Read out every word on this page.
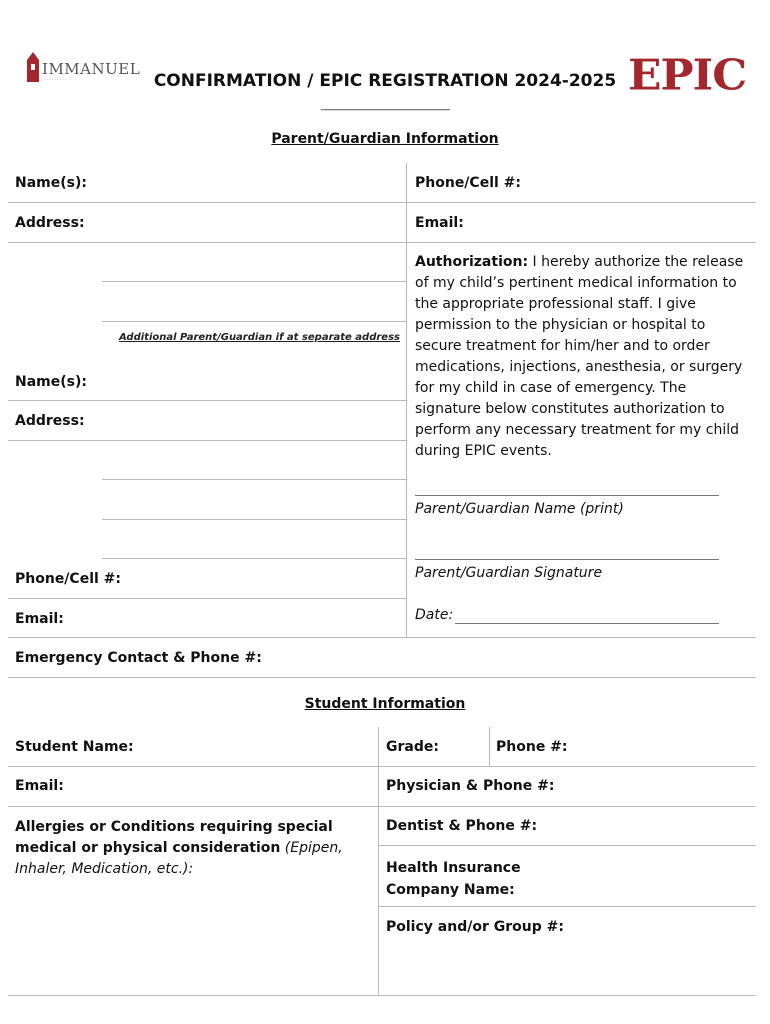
IMMANUEL
·········	CONFIRMATION / EPIC REGISTRATION 2024-2025
________________________________
EPIC
Parent/Guardian Information
Name(s):	Phone/Cell #:
Address:	Email:
Additional Parent/Guardian if at separate address
Name(s):
Address:
Phone/Cell #:
Email:
Emergency Contact & Phone #:
Authorization: I hereby authorize the release of my child’s pertinent medical information to the appropriate professional staff. I give permission to the physician or hospital to secure treatment for him/her and to order medications, injections, anesthesia, or surgery for my child in case of emergency. The signature below constitutes authorization to perform any necessary treatment for my child during EPIC events.
Parent/Guardian Name (print)
Parent/Guardian Signature
Date:
Student Information
Student Name:	Grade:	Phone #:
Email:	Physician & Phone #:
Allergies or Conditions requiring special medical or physical consideration (Epipen, Inhaler, Medication, etc.):
Dentist & Phone #:
Health Insurance
Company Name:
Policy and/or Group #:
